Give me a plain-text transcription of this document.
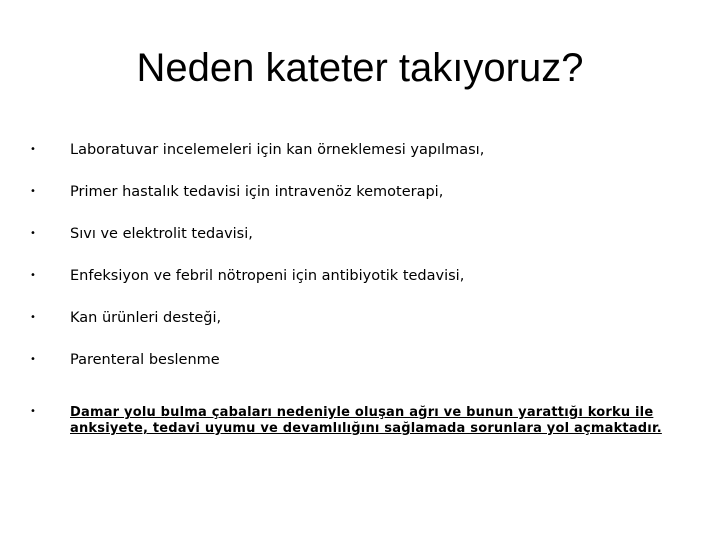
Neden kateter takıyoruz?
• Laboratuvar incelemeleri için kan örneklemesi yapılması,
• Primer hastalık tedavisi için intravenöz kemoterapi,
• Sıvı ve elektrolit tedavisi,
• Enfeksiyon ve febril nötropeni için antibiyotik tedavisi,
• Kan ürünleri desteği,
• Parenteral beslenme
•	Damar yolu bulma çabaları nedeniyle oluşan ağrı ve bunun yarattığı korku ile anksiyete, tedavi uyumu ve devamlılığını sağlamada sorunlara yol açmaktadır.
